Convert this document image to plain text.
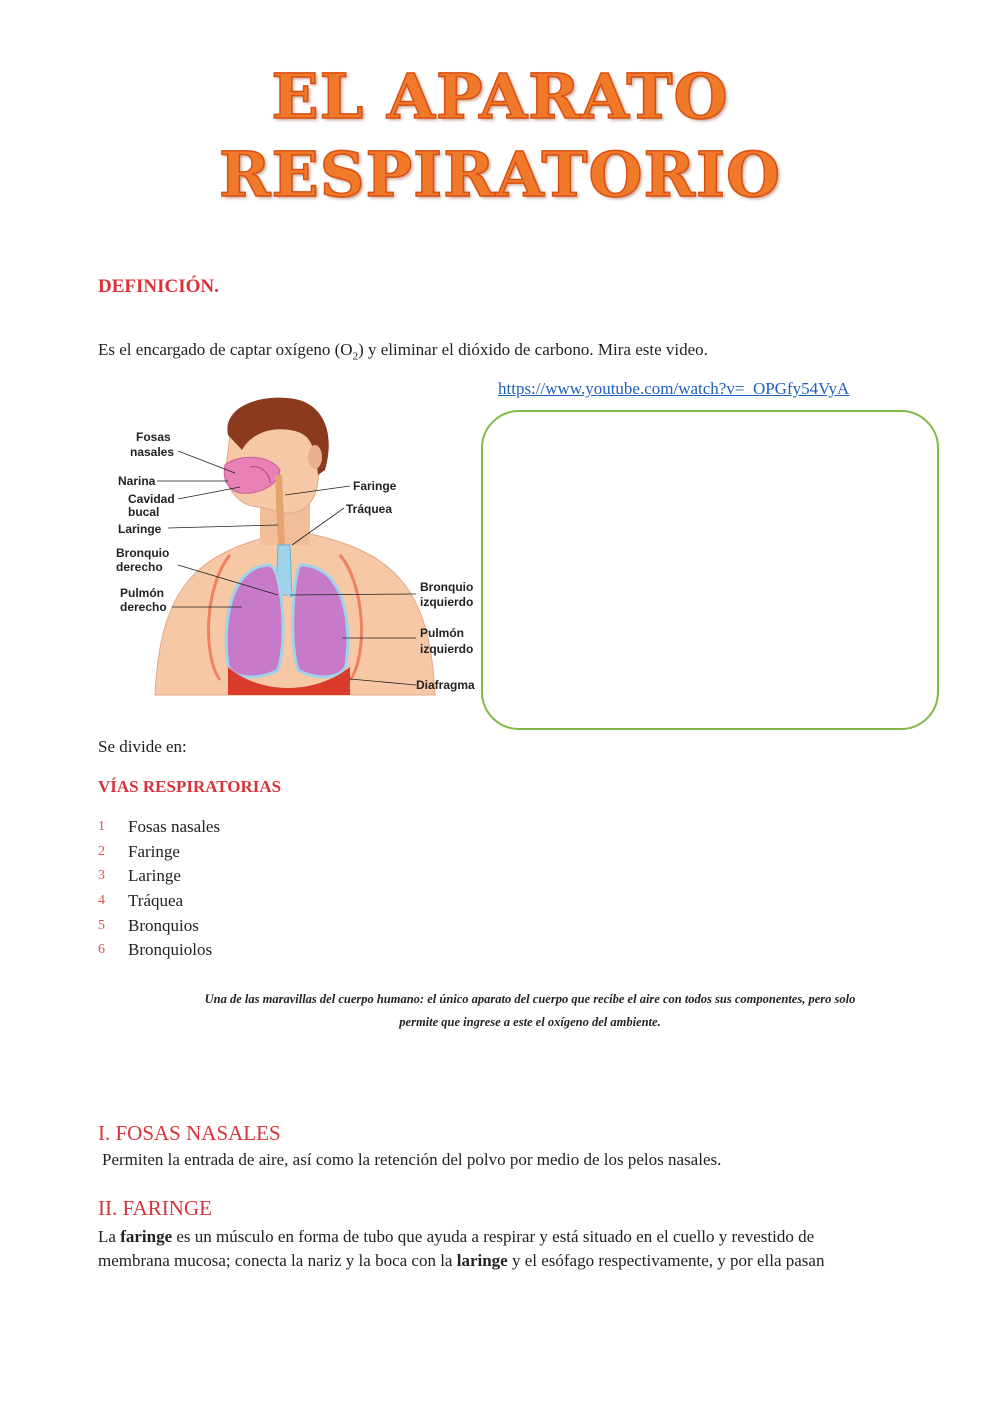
EL APARATO
RESPIRATORIO
DEFINICIÓN.

Es el encargado de captar oxígeno $(O_2)$ y eliminar el dióxido de carbono. Mira este video.

https://www.youtube.com/watch?v=_OPGfy54VyA
Fosas
nasales
Narina
Cavidad
bucal
Laringe
Bronquio
derecho
Pulmón
derecho
Faringe
Tráquea
Bronquio
izquierdo
Pulmón
izquierdo
Diafragma

Se divide en:

VÍAS RESPIRATORIAS
1	Fosas nasales
2	Faringe
3	Laringe
4	Tráquea
5	Bronquios
6	Bronquiolos

Una de las maravillas del cuerpo humano: el único aparato del cuerpo que recibe el aire con todos sus componentes, pero solo
permite que ingrese a este el oxígeno del ambiente.

I. FOSAS NASALES

Permiten la entrada de aire, así como la retención del polvo por medio de los pelos nasales.

II. FARINGE

La faringe es un músculo en forma de tubo que ayuda a respirar y está situado en el cuello y revestido de
membrana mucosa; conecta la nariz y la boca con la laringe y el esófago respectivamente, y por ella pasan
